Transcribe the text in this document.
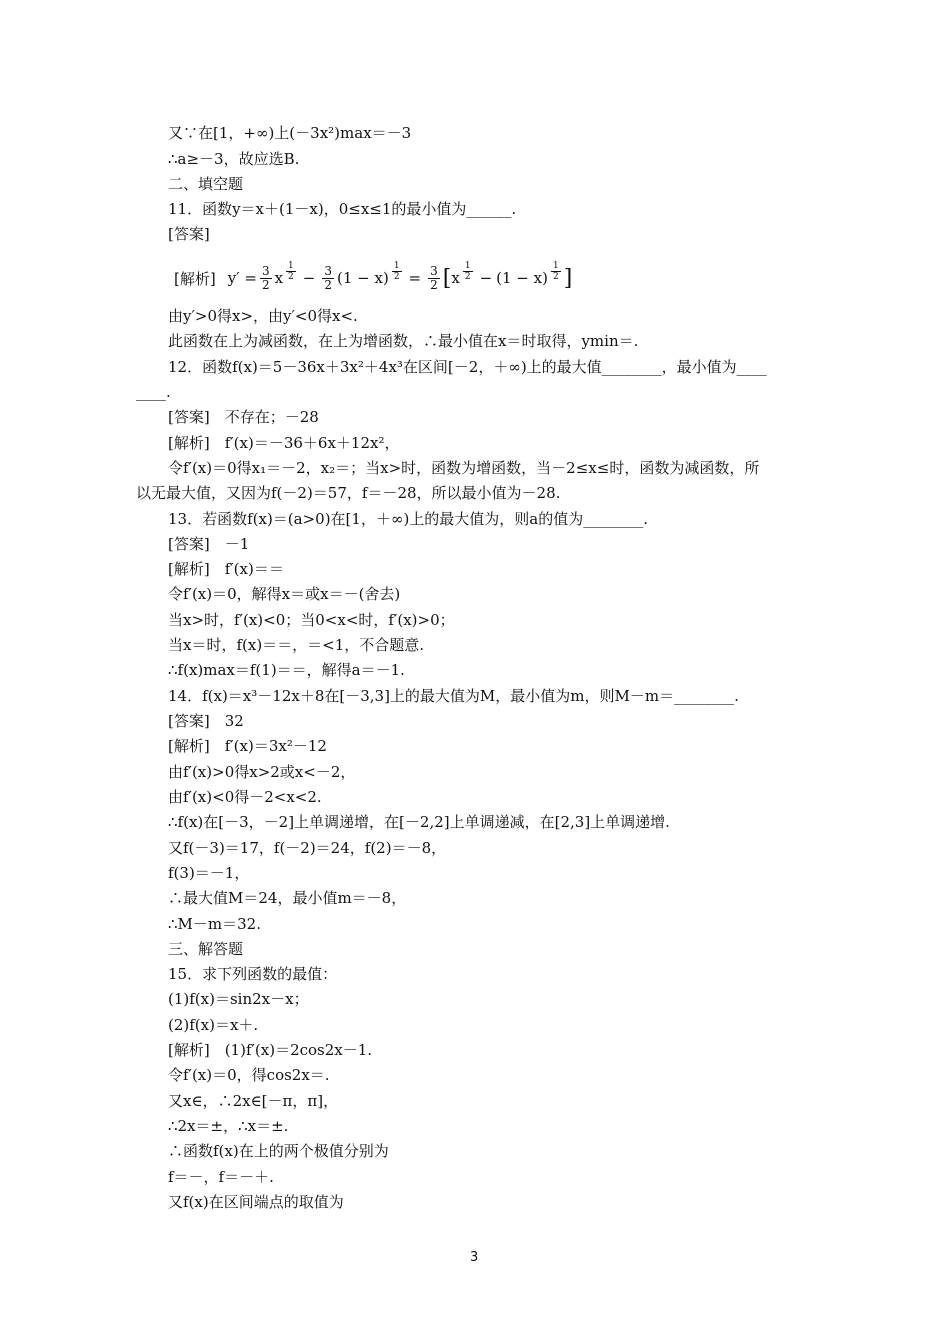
又∵在[1，+∞)上(－3x²)max＝－3
∴a≥－3，故应选B.
二、填空题
11．函数y＝x＋(1－x)，0≤x≤1的最小值为______.
[答案]
[解析] $y' = \frac{3}{2}$ x $\frac{1}{2} - \frac{3}{2} (1 - x) \frac{1}{2} = \frac{3}{2}$ [ x $\frac{1}{2} - (1 - x) \frac{1}{2}$ ]
由y′>0得x>，由y′<0得x<.
此函数在上为减函数，在上为增函数，∴最小值在x＝时取得，ymin＝.
12．函数f(x)＝5－36x＋3x²＋4x³在区间[－2，＋∞)上的最大值________，最小值为____
____.
[答案]　不存在；－28
[解析]　f′(x)＝－36＋6x＋12x²，
令f′(x)＝0得x₁＝－2，x₂＝；当x>时，函数为增函数，当－2≤x≤时，函数为减函数，所
以无最大值，又因为f(－2)＝57，f＝－28，所以最小值为－28.
13．若函数f(x)＝(a>0)在[1，＋∞)上的最大值为，则a的值为________.
[答案]　－1
[解析]　f′(x)＝＝
令f′(x)＝0，解得x＝或x＝－(舍去)
当x>时，f′(x)<0；当0<x<时，f′(x)>0；
当x＝时，f(x)＝＝，＝<1，不合题意.
∴f(x)max＝f(1)＝＝，解得a＝－1.
14．f(x)＝x³－12x＋8在[－3,3]上的最大值为M，最小值为m，则M－m＝________.
[答案]　32
[解析]　f′(x)＝3x²－12
由f′(x)>0得x>2或x<－2，
由f′(x)<0得－2<x<2.
∴f(x)在[－3，－2]上单调递增，在[－2,2]上单调递减，在[2,3]上单调递增.
又f(－3)＝17，f(－2)＝24，f(2)＝－8，
f(3)＝－1，
∴最大值M＝24，最小值m＝－8，
∴M－m＝32.
三、解答题
15．求下列函数的最值：
(1)f(x)＝sin2x－x；
(2)f(x)＝x＋.
[解析]　(1)f′(x)＝2cos2x－1.
令f′(x)＝0，得cos2x＝.
又x∈，∴2x∈[－π，π]，
∴2x＝±，∴x＝±.
∴函数f(x)在上的两个极值分别为
f＝－，f＝－＋.
又f(x)在区间端点的取值为
3
